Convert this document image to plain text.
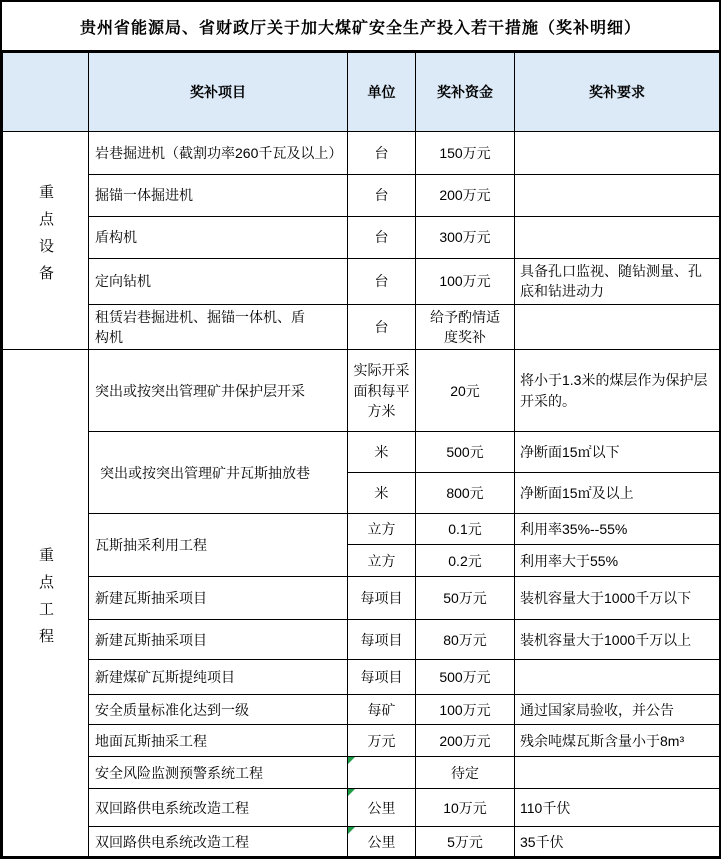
贵州省能源局、省财政厅关于加大煤矿安全生产投入若干措施（奖补明细）
	奖补项目	单位	奖补资金	奖补要求
重点设备	岩巷掘进机（截割功率260千瓦及以上）	台	150万元	
	掘锚一体掘进机	台	200万元	
	盾构机	台	300万元	
	定向钻机	台	100万元	具备孔口监视、随钻测量、孔底和钻进动力
	租赁岩巷掘进机、掘锚一体机、盾构机	台	给予酌情适度奖补	
重点工程	突出或按突出管理矿井保护层开采	实际开采面积每平方米	20元	将小于1.3米的煤层作为保护层开采的。
	突出或按突出管理矿井瓦斯抽放巷	米	500元	净断面15㎡以下
		米	800元	净断面15㎡及以上
	瓦斯抽采利用工程	立方	0.1元	利用率35%--55%
		立方	0.2元	利用率大于55%
	新建瓦斯抽采项目	每项目	50万元	装机容量大于1000千万以下
	新建瓦斯抽采项目	每项目	80万元	装机容量大于1000千万以上
	新建煤矿瓦斯提纯项目	每项目	500万元	
	安全质量标准化达到一级	每矿	100万元	通过国家局验收，并公告
	地面瓦斯抽采工程	万元	200万元	残余吨煤瓦斯含量小于8m³
	安全风险监测预警系统工程		待定	
	双回路供电系统改造工程	公里	10万元	110千伏
	双回路供电系统改造工程	公里	5万元	35千伏
